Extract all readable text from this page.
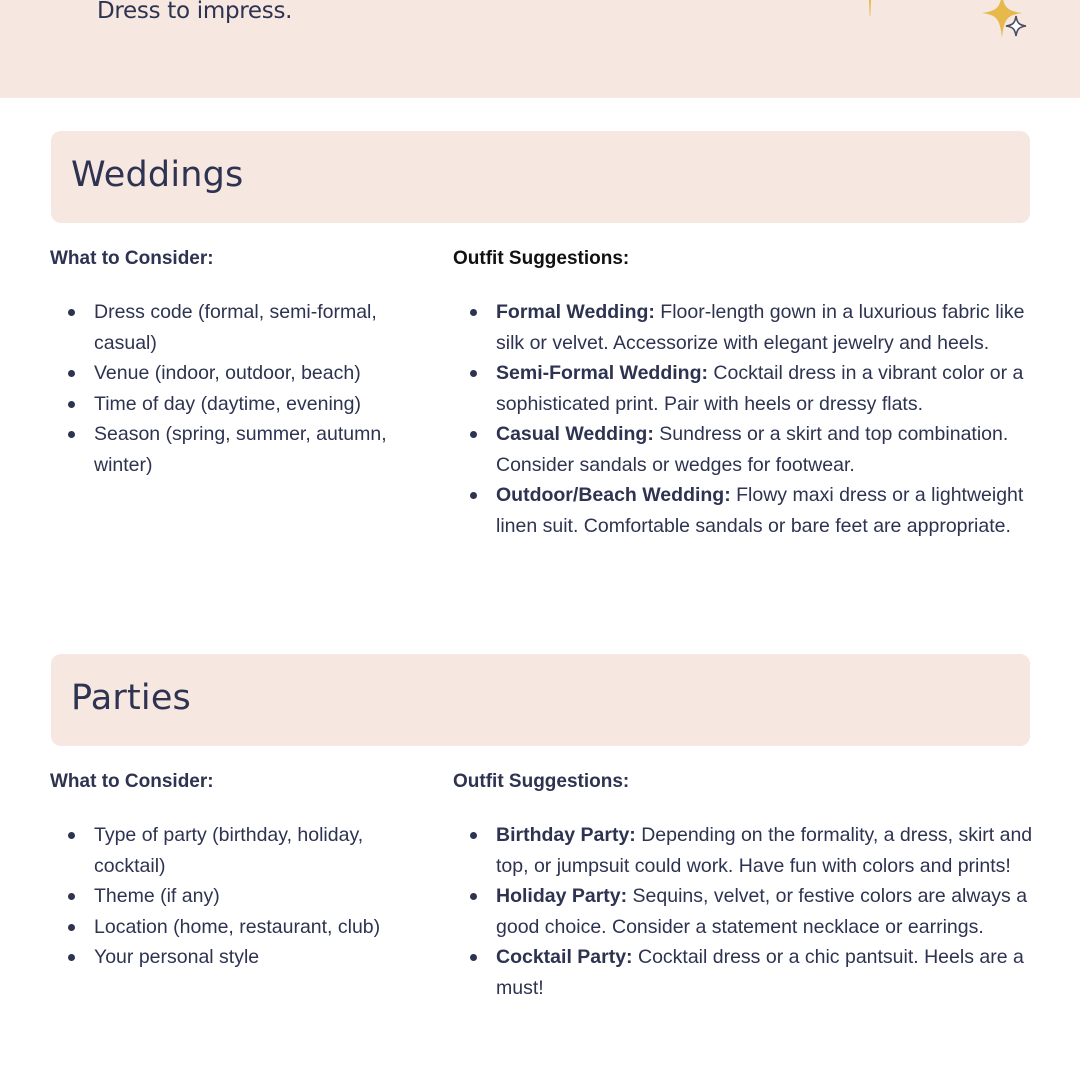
Dress to impress.
Weddings
What to Consider:	Outfit Suggestions:
Dress code (formal, semi-formal, casual)
Venue (indoor, outdoor, beach)
Time of day (daytime, evening)
Season (spring, summer, autumn, winter)
Formal Wedding: Floor-length gown in a luxurious fabric like silk or velvet. Accessorize with elegant jewelry and heels.
Semi-Formal Wedding: Cocktail dress in a vibrant color or a sophisticated print. Pair with heels or dressy flats.
Casual Wedding: Sundress or a skirt and top combination. Consider sandals or wedges for footwear.
Outdoor/Beach Wedding: Flowy maxi dress or a lightweight linen suit. Comfortable sandals or bare feet are appropriate.
Parties
What to Consider:	Outfit Suggestions:
Type of party (birthday, holiday, cocktail)
Theme (if any)
Location (home, restaurant, club)
Your personal style
Birthday Party: Depending on the formality, a dress, skirt and top, or jumpsuit could work. Have fun with colors and prints!
Holiday Party: Sequins, velvet, or festive colors are always a good choice. Consider a statement necklace or earrings.
Cocktail Party: Cocktail dress or a chic pantsuit. Heels are a must!
